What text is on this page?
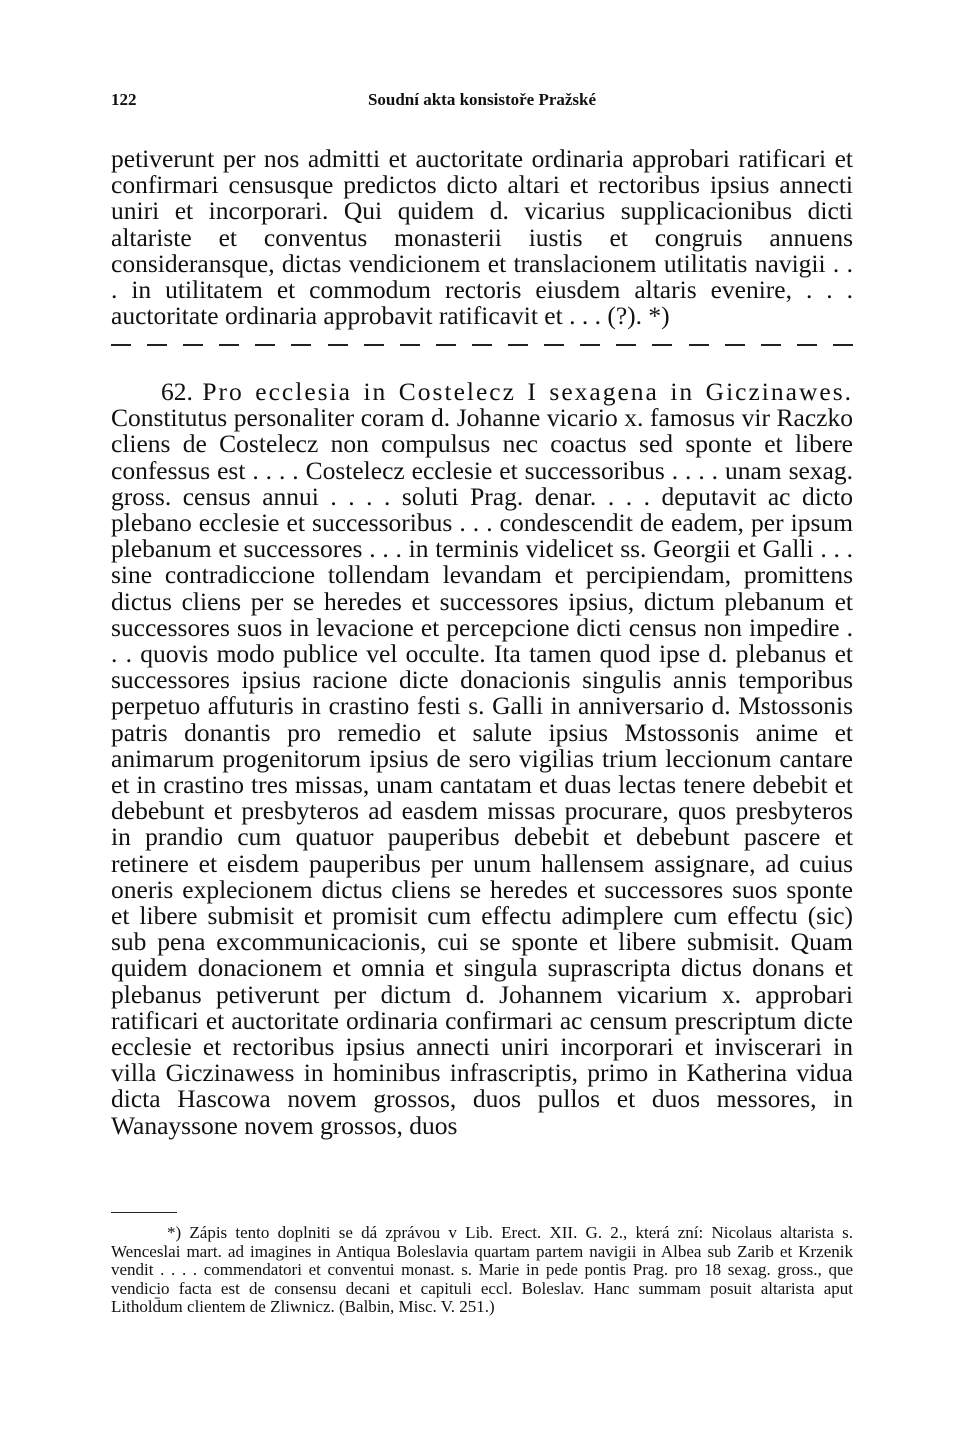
122	Soudní akta konsistoře Pražské

petiverunt per nos admitti et auctoritate ordinaria approbari ratificari et confirmari censusque predictos dicto altari et rectoribus ipsius annecti uniri et incorporari. Qui quidem d. vicarius supplicacionibus dicti altariste et conventus monasterii iustis et congruis annuens consideransque, dictas vendicionem et translacionem utilitatis navigii . . . in utilitatem et commodum rectoris eiusdem altaris evenire, . . . auctoritate ordinaria approbavit ratificavit et . . . (?). *)

62. Pro ecclesia in Costelecz I sexagena in Giczinawes. Constitutus personaliter coram d. Johanne vicario x. famosus vir Raczko cliens de Costelecz non compulsus nec coactus sed sponte et libere confessus est . . . . Costelecz ecclesie et successoribus . . . . unam sexag. gross. census annui . . . . soluti Prag. denar. . . . deputavit ac dicto plebano ecclesie et successoribus . . . condescendit de eadem, per ipsum plebanum et successores . . . in terminis videlicet ss. Georgii et Galli . . . sine contradiccione tollendam levandam et percipiendam, promittens dictus cliens per se heredes et successores ipsius, dictum plebanum et successores suos in levacione et percepcione dicti census non impedire . . . quovis modo publice vel occulte. Ita tamen quod ipse d. plebanus et successores ipsius racione dicte donacionis singulis annis temporibus perpetuo affuturis in crastino festi s. Galli in anniversario d. Mstossonis patris donantis pro remedio et salute ipsius Mstossonis anime et animarum progenitorum ipsius de sero vigilias trium leccionum cantare et in crastino tres missas, unam cantatam et duas lectas tenere debebit et debebunt et presbyteros ad easdem missas procurare, quos presbyteros in prandio cum quatuor pauperibus debebit et debebunt pascere et retinere et eisdem pauperibus per unum hallensem assignare, ad cuius oneris explecionem dictus cliens se heredes et successores suos sponte et libere submisit et promisit cum effectu adimplere cum effectu (sic) sub pena excommunicacionis, cui se sponte et libere submisit. Quam quidem donacionem et omnia et singula suprascripta dictus donans et plebanus petiverunt per dictum d. Johannem vicarium x. approbari ratificari et auctoritate ordinaria confirmari ac censum prescriptum dicte ecclesie et rectoribus ipsius annecti uniri incorporari et inviscerari in villa Giczinawess in hominibus infrascriptis, primo in Katherina vidua dicta Hascowa novem grossos, duos pullos et duos messores, in Wanayssone novem grossos, duos

*) Zápis tento doplniti se dá zprávou v Lib. Erect. XII. G. 2., která zní: Nicolaus altarista s. Wenceslai mart. ad imagines in Antiqua Boleslavia quartam partem navigii in Albea sub Zarib et Krzenik vendit . . . . commendatori et conventui monast. s. Marie in pede pontis Prag. pro 18 sexag. gross., que vendicio facta est de consensu decani et capituli eccl. Boleslav. Hanc summam posuit altarista aput Lithold̄um clientem de Zliwnicz. (Balbin, Misc. V. 251.)
